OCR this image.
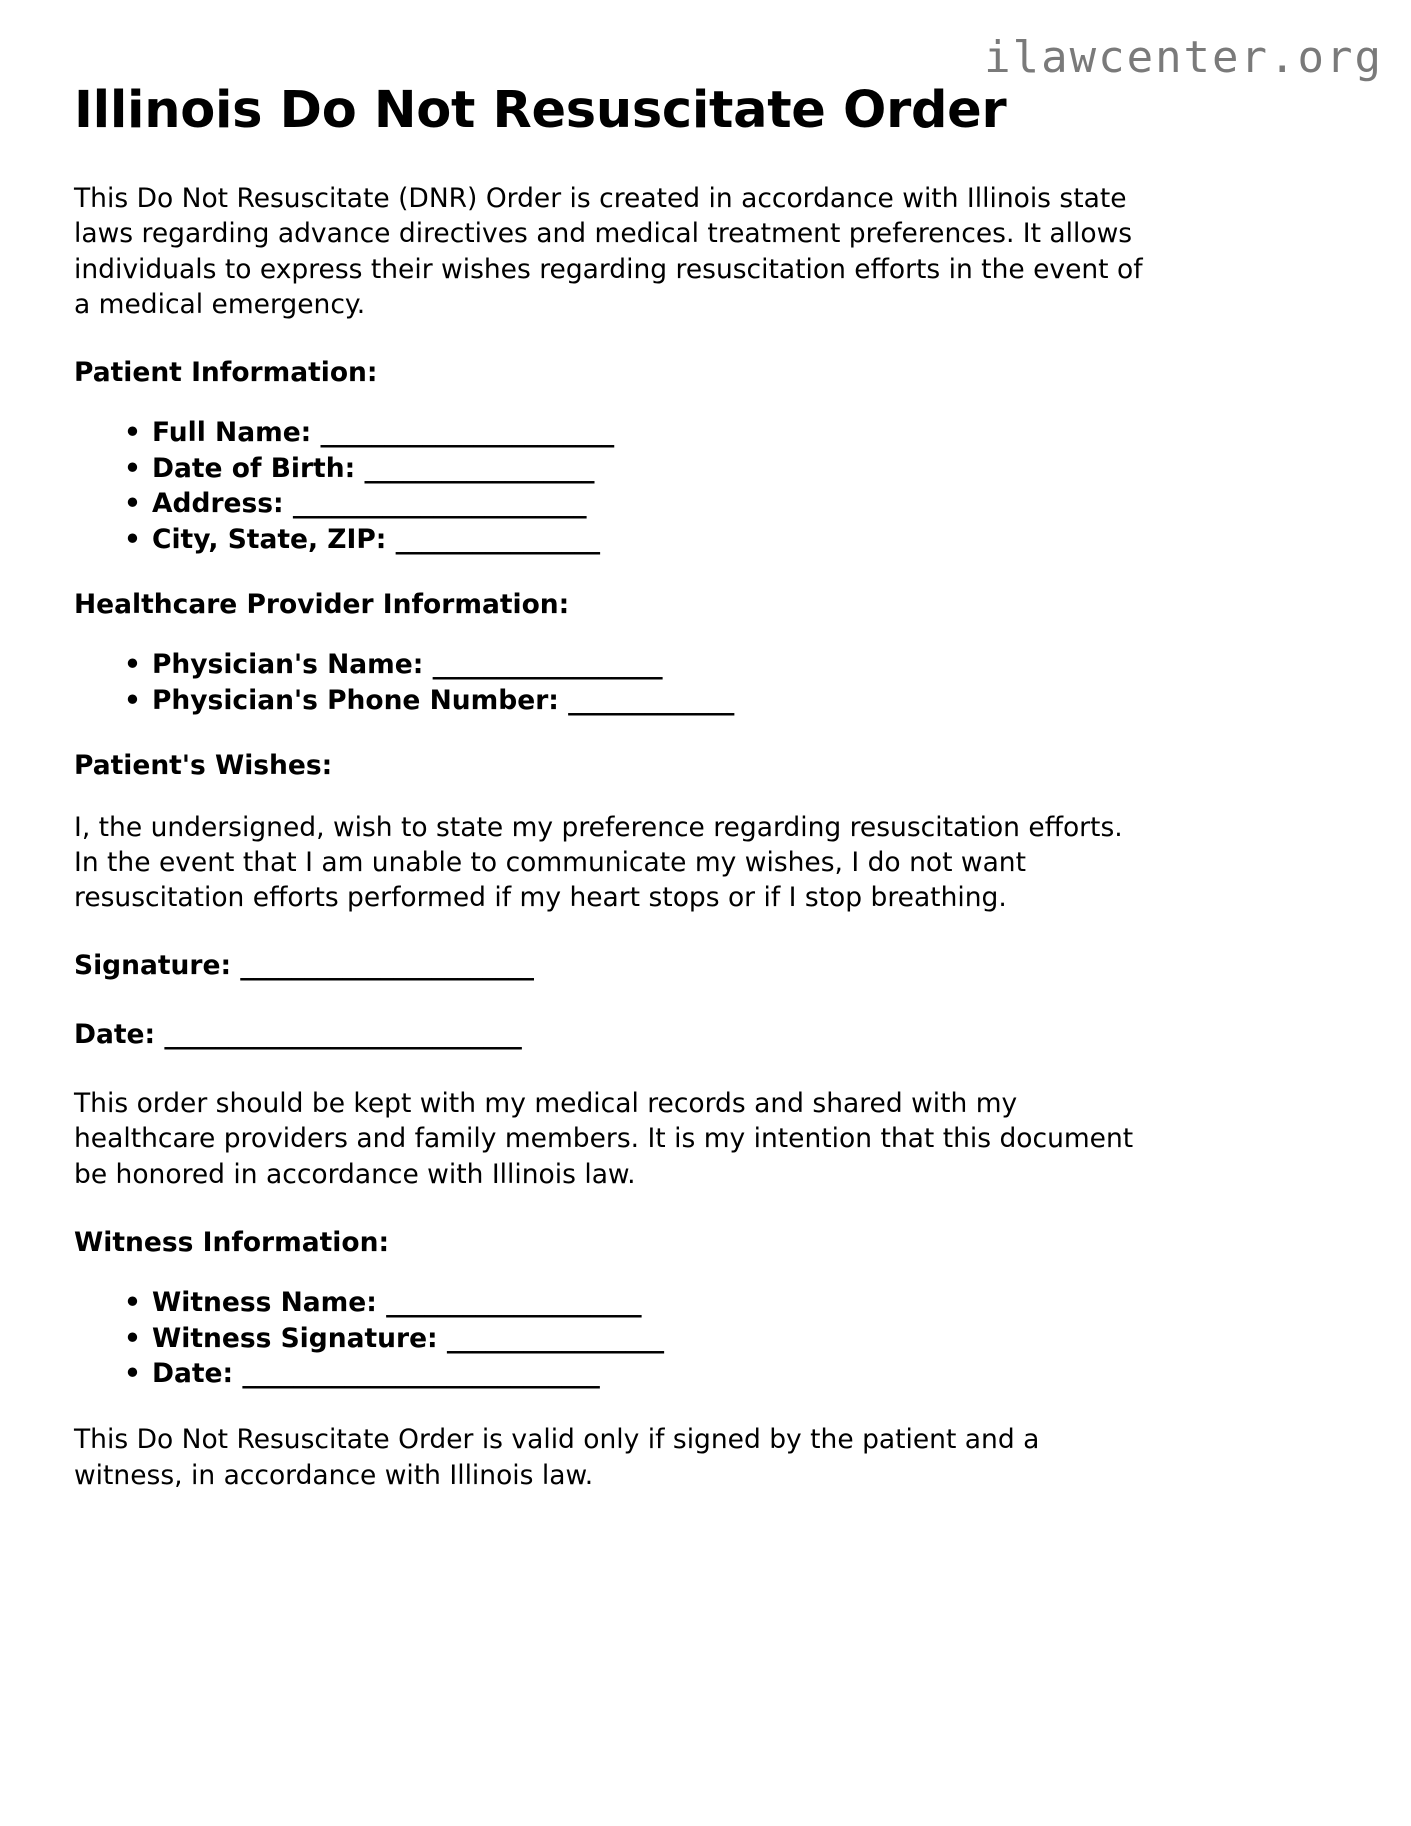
ilawcenter.org
Illinois Do Not Resuscitate Order

This Do Not Resuscitate (DNR) Order is created in accordance with Illinois state laws regarding advance directives and medical treatment preferences. It allows individuals to express their wishes regarding resuscitation efforts in the event of a medical emergency.

Patient Information:
• Full Name: _______________________
• Date of Birth: __________________
• Address: _______________________
• City, State, ZIP: ________________
Healthcare Provider Information:
• Physician's Name: __________________
• Physician's Phone Number: _____________
Patient's Wishes:

I, the undersigned, wish to state my preference regarding resuscitation efforts. In the event that I am unable to communicate my wishes, I do not want resuscitation efforts performed if my heart stops or if I stop breathing.

Signature: _______________________

Date: ____________________________

This order should be kept with my medical records and shared with my healthcare providers and family members. It is my intention that this document be honored in accordance with Illinois law.

Witness Information:
• Witness Name: ____________________
• Witness Signature: _________________
• Date: ____________________________

This Do Not Resuscitate Order is valid only if signed by the patient and a witness, in accordance with Illinois law.
